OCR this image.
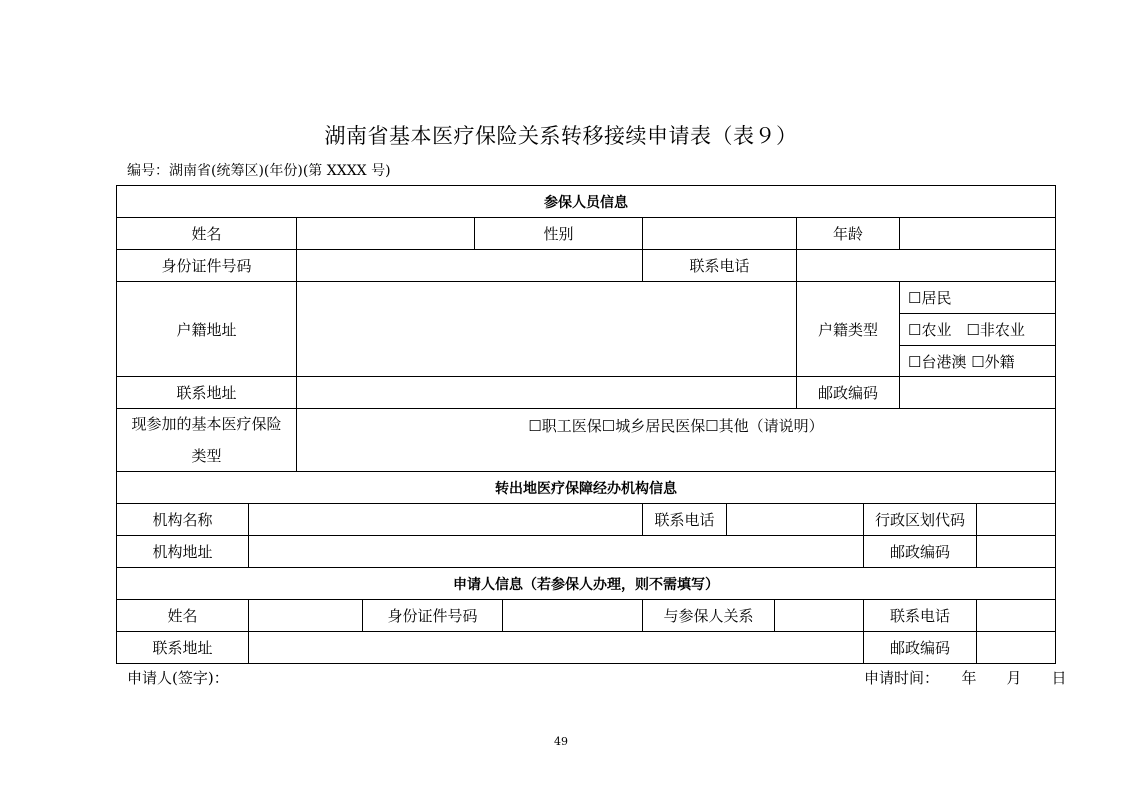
湖南省基本医疗保险关系转移接续申请表（表９）
编号：湖南省(统筹区)(年份)(第 XXXX 号)
参保人员信息
姓名	性别	年龄
身份证件号码	联系电话
户籍地址	户籍类型
☐居民
☐农业　☐非农业
☐台港澳 ☐外籍
联系地址	邮政编码
现参加的基本医疗保险
类型
☐职工医保☐城乡居民医保☐其他（请说明）
转出地医疗保障经办机构信息
机构名称	联系电话	行政区划代码
机构地址	邮政编码
申请人信息（若参保人办理，则不需填写）
姓名	身份证件号码	与参保人关系	联系电话
联系地址	邮政编码
申请人(签字)：	申请时间：　　年　　月　　日
49
